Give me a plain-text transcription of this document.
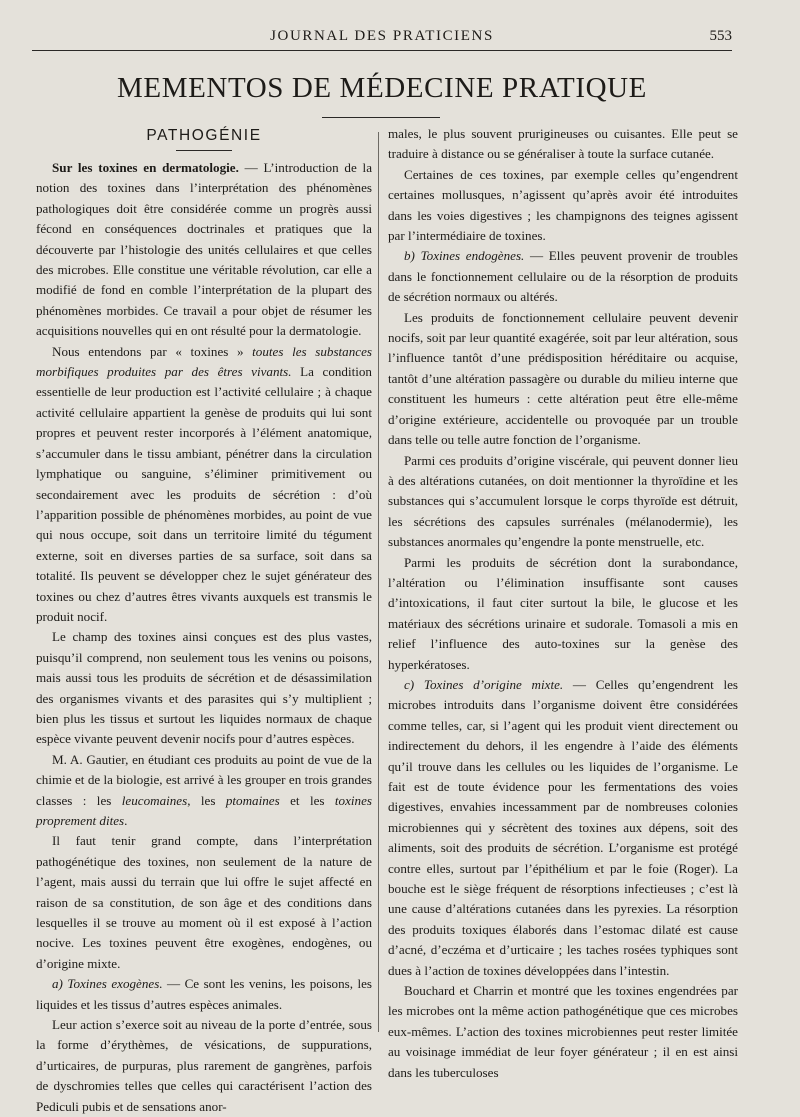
JOURNAL DES PRATICIENS	553
MEMENTOS DE MÉDECINE PRATIQUE
PATHOGÉNIE

Sur les toxines en dermatologie. — L’introduction de la notion des toxines dans l’interprétation des phénomènes pathologiques doit être considérée comme un progrès aussi fécond en conséquences doctrinales et pratiques que la découverte par l’histologie des unités cellulaires et que celles des microbes. Elle constitue une véritable révolution, car elle a modifié de fond en comble l’interprétation de la plupart des phénomènes morbides. Ce travail a pour objet de résumer les acquisitions nouvelles qui en ont résulté pour la dermatologie.

Nous entendons par « toxines » toutes les substances morbifiques produites par des êtres vivants. La condition essentielle de leur production est l’activité cellulaire ; à chaque activité cellulaire appartient la genèse de produits qui lui sont propres et peuvent rester incorporés à l’élément anatomique, s’accumuler dans le tissu ambiant, pénétrer dans la circulation lymphatique ou sanguine, s’éliminer primitivement ou secondairement avec les produits de sécrétion : d’où l’apparition possible de phénomènes morbides, au point de vue qui nous occupe, soit dans un territoire limité du tégument externe, soit en diverses parties de sa surface, soit dans sa totalité. Ils peuvent se développer chez le sujet générateur des toxines ou chez d’autres êtres vivants auxquels est transmis le produit nocif.

Le champ des toxines ainsi conçues est des plus vastes, puisqu’il comprend, non seulement tous les venins ou poisons, mais aussi tous les produits de sécrétion et de désassimilation des organismes vivants et des parasites qui s’y multiplient ; bien plus les tissus et surtout les liquides normaux de chaque espèce vivante peuvent devenir nocifs pour d’autres espèces.

M. A. Gautier, en étudiant ces produits au point de vue de la chimie et de la biologie, est arrivé à les grouper en trois grandes classes : les leucomaines, les ptomaines et les toxines proprement dites.

Il faut tenir grand compte, dans l’interprétation pathogénétique des toxines, non seulement de la nature de l’agent, mais aussi du terrain que lui offre le sujet affecté en raison de sa constitution, de son âge et des conditions dans lesquelles il se trouve au moment où il est exposé à l’action nocive. Les toxines peuvent être exogènes, endogènes, ou d’origine mixte.

a) Toxines exogènes. — Ce sont les venins, les poisons, les liquides et les tissus d’autres espèces animales.

Leur action s’exerce soit au niveau de la porte d’entrée, sous la forme d’érythèmes, de vésications, de suppurations, d’urticaires, de purpuras, plus rarement de gangrènes, parfois de dyschromies telles que celles qui caractérisent l’action des Pediculi pubis et de sensations anor-

males, le plus souvent prurigineuses ou cuisantes. Elle peut se traduire à distance ou se généraliser à toute la surface cutanée.

Certaines de ces toxines, par exemple celles qu’engendrent certaines mollusques, n’agissent qu’après avoir été introduites dans les voies digestives ; les champignons des teignes agissent par l’intermédiaire de toxines.

b) Toxines endogènes. — Elles peuvent provenir de troubles dans le fonctionnement cellulaire ou de la résorption de produits de sécrétion normaux ou altérés.

Les produits de fonctionnement cellulaire peuvent devenir nocifs, soit par leur quantité exagérée, soit par leur altération, sous l’influence tantôt d’une prédisposition héréditaire ou acquise, tantôt d’une altération passagère ou durable du milieu interne que constituent les humeurs : cette altération peut être elle-même d’origine extérieure, accidentelle ou provoquée par un trouble dans telle ou telle autre fonction de l’organisme.

Parmi ces produits d’origine viscérale, qui peuvent donner lieu à des altérations cutanées, on doit mentionner la thyroïdine et les substances qui s’accumulent lorsque le corps thyroïde est détruit, les sécrétions des capsules surrénales (mélanodermie), les substances anormales qu’engendre la ponte menstruelle, etc.

Parmi les produits de sécrétion dont la surabondance, l’altération ou l’élimination insuffisante sont causes d’intoxications, il faut citer surtout la bile, le glucose et les matériaux des sécrétions urinaire et sudorale. Tomasoli a mis en relief l’influence des auto-toxines sur la genèse des hyperkératoses.

c) Toxines d’origine mixte. — Celles qu’engendrent les microbes introduits dans l’organisme doivent être considérées comme telles, car, si l’agent qui les produit vient directement ou indirectement du dehors, il les engendre à l’aide des éléments qu’il trouve dans les cellules ou les liquides de l’organisme. Le fait est de toute évidence pour les fermentations des voies digestives, envahies incessamment par de nombreuses colonies microbiennes qui y sécrètent des toxines aux dépens, soit des aliments, soit des produits de sécrétion. L’organisme est protégé contre elles, surtout par l’épithélium et par le foie (Roger). La bouche est le siège fréquent de résorptions infectieuses ; c’est là une cause d’altérations cutanées dans les pyrexies. La résorption des produits toxiques élaborés dans l’estomac dilaté est cause d’acné, d’eczéma et d’urticaire ; les taches rosées typhiques sont dues à l’action de toxines développées dans l’intestin.

Bouchard et Charrin et montré que les toxines engendrées par les microbes ont la même action pathogénétique que ces microbes eux-mêmes. L’action des toxines microbiennes peut rester limitée au voisinage immédiat de leur foyer générateur ; il en est ainsi dans les tuberculoses
